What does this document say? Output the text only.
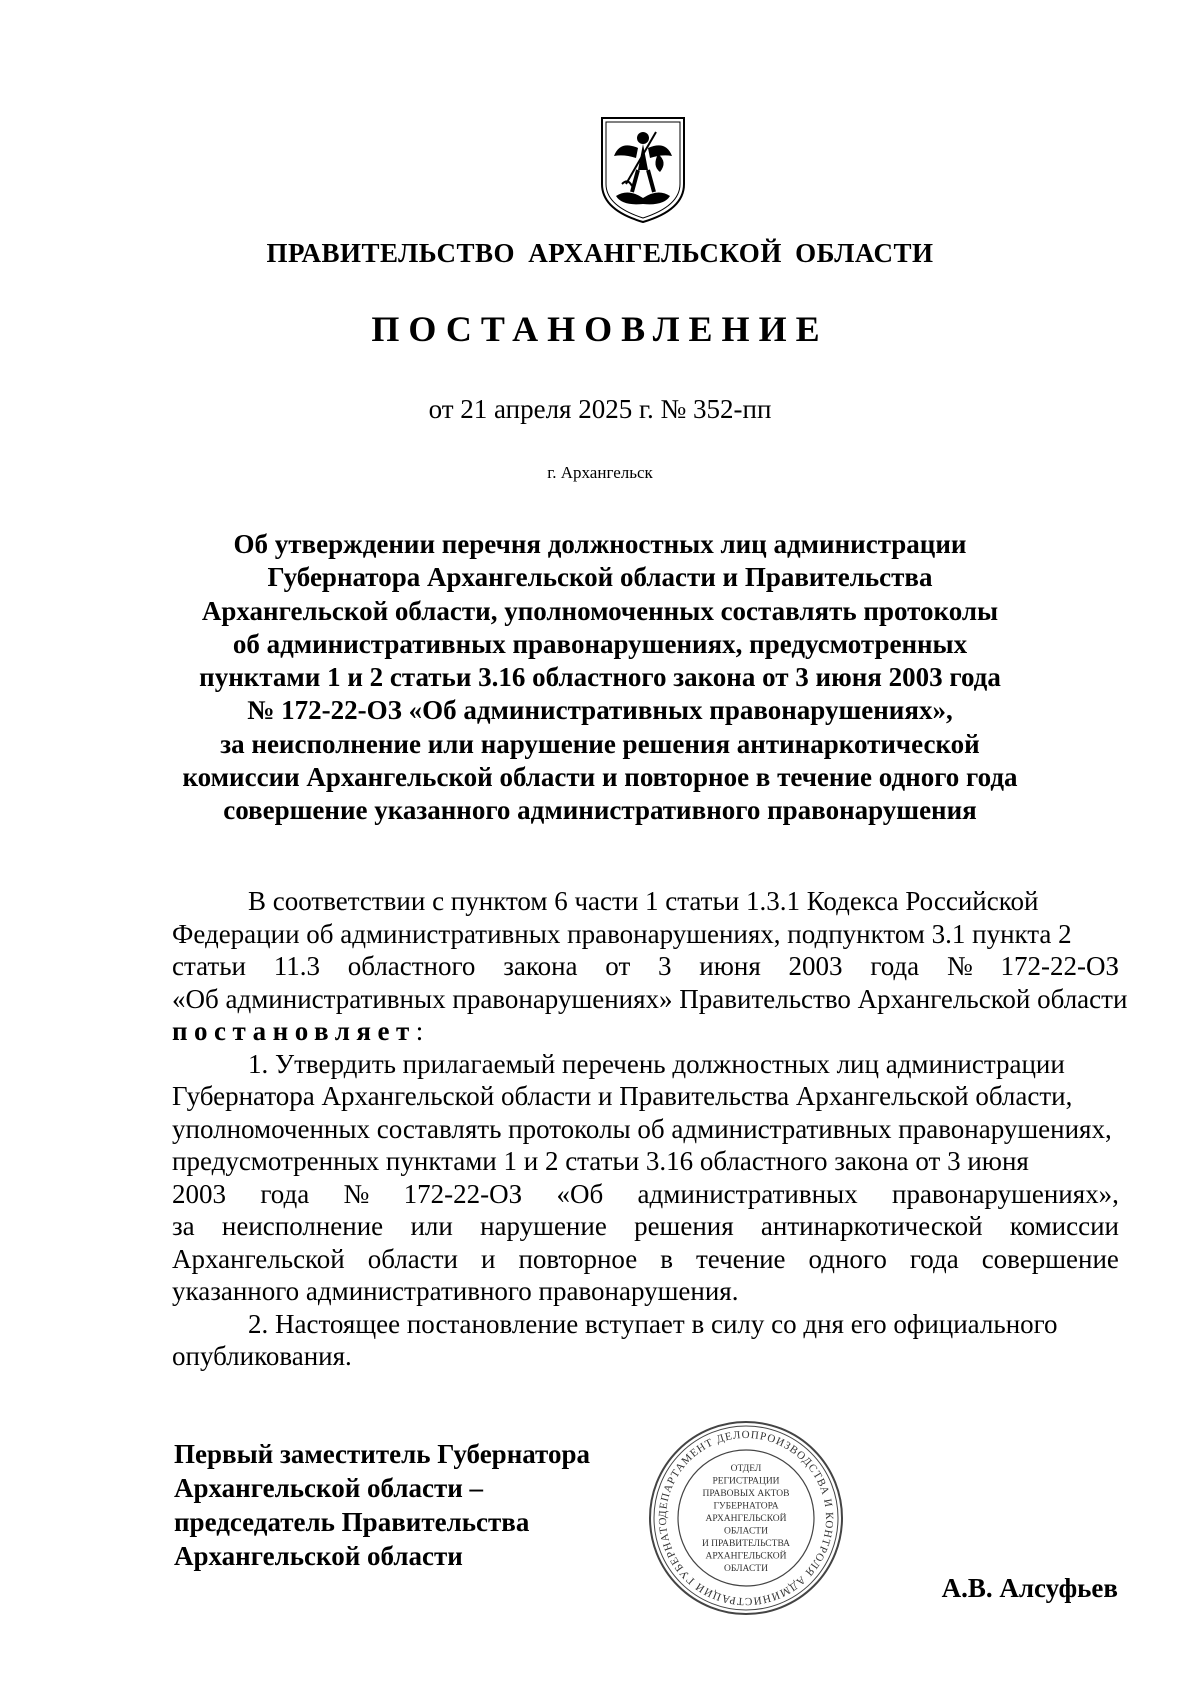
ПРАВИТЕЛЬСТВО АРХАНГЕЛЬСКОЙ ОБЛАСТИ
ПОСТАНОВЛЕНИЕ
от 21 апреля 2025 г. № 352-пп
г. Архангельск
Об утверждении перечня должностных лиц администрации
Губернатора Архангельской области и Правительства
Архангельской области, уполномоченных составлять протоколы
об административных правонарушениях, предусмотренных
пунктами 1 и 2 статьи 3.16 областного закона от 3 июня 2003 года
№ 172-22-ОЗ «Об административных правонарушениях»,
за неисполнение или нарушение решения антинаркотической
комиссии Архангельской области и повторное в течение одного года
совершение указанного административного правонарушения
В соответствии с пунктом 6 части 1 статьи 1.3.1 Кодекса Российской
Федерации об административных правонарушениях, подпунктом 3.1 пункта 2
статьи 11.3 областного закона от 3 июня 2003 года № 172-22-ОЗ
«Об административных правонарушениях» Правительство Архангельской области
постановляет :
1. Утвердить прилагаемый перечень должностных лиц администрации
Губернатора Архангельской области и Правительства Архангельской области,
уполномоченных составлять протоколы об административных правонарушениях,
предусмотренных пунктами 1 и 2 статьи 3.16 областного закона от 3 июня
2003 года № 172-22-ОЗ «Об административных правонарушениях»,
за неисполнение или нарушение решения антинаркотической комиссии
Архангельской области и повторное в течение одного года совершение
указанного административного правонарушения.
2. Настоящее постановление вступает в силу со дня его официального
опубликования.
Первый заместитель Губернатора
Архангельской области –
председатель Правительства
Архангельской области
А.В. Алсуфьев
ДЕПАРТАМЕНТ ДЕЛОПРОИЗВОДСТВА И КОНТРОЛЯ АДМИНИСТРАЦИИ ГУБЕРНАТО
ОТДЕЛ
РЕГИСТРАЦИИ
ПРАВОВЫХ АКТОВ
ГУБЕРНАТОРА
АРХАНГЕЛЬСКОЙ
ОБЛАСТИ
И ПРАВИТЕЛЬСТВА
АРХАНГЕЛЬСКОЙ
ОБЛАСТИ
